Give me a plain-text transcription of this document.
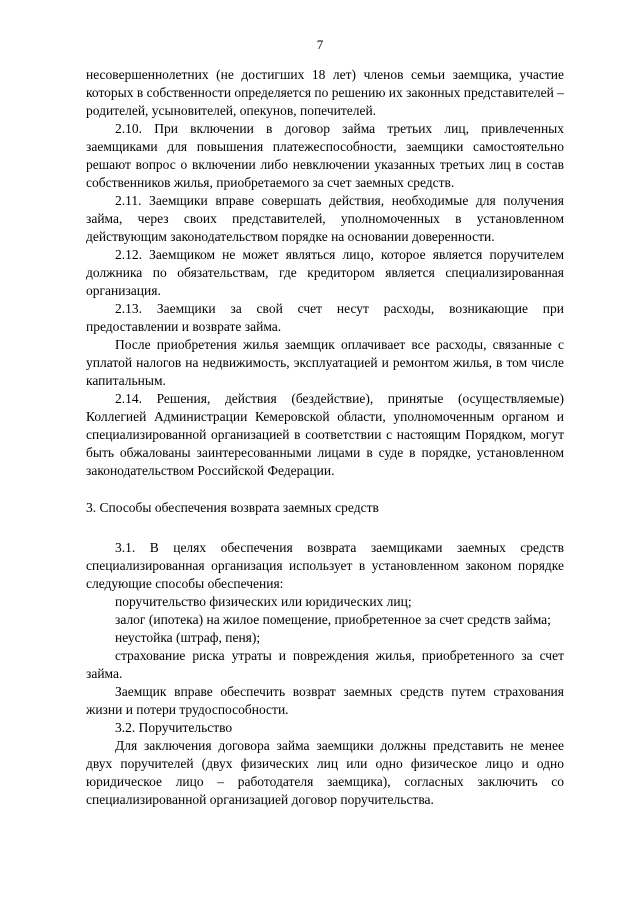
7

несовершеннолетних (не достигших 18 лет) членов семьи заемщика, участие которых в собственности определяется по решению их законных представителей – родителей, усыновителей, опекунов, попечителей.

2.10. При включении в договор займа третьих лиц, привлеченных заемщиками для повышения платежеспособности, заемщики самостоятельно решают вопрос о включении либо невключении указанных третьих лиц в состав собственников жилья, приобретаемого за счет заемных средств.

2.11. Заемщики вправе совершать действия, необходимые для получения займа, через своих представителей, уполномоченных в установленном действующим законодательством порядке на основании доверенности.

2.12. Заемщиком не может являться лицо, которое является поручителем должника по обязательствам, где кредитором является специализированная организация.

2.13. Заемщики за свой счет несут расходы, возникающие при предоставлении и возврате займа.

После приобретения жилья заемщик оплачивает все расходы, связанные с уплатой налогов на недвижимость, эксплуатацией и ремонтом жилья, в том числе капитальным.

2.14. Решения, действия (бездействие), принятые (осуществляемые) Коллегией Администрации Кемеровской области, уполномоченным органом и специализированной организацией в соответствии с настоящим Порядком, могут быть обжалованы заинтересованными лицами в суде в порядке, установленном законодательством Российской Федерации.

3. Способы обеспечения возврата заемных средств

3.1. В целях обеспечения возврата заемщиками заемных средств специализированная организация использует в установленном законом порядке следующие способы обеспечения:

поручительство физических или юридических лиц;

залог (ипотека) на жилое помещение, приобретенное за счет средств займа;

неустойка (штраф, пеня);

страхование риска утраты и повреждения жилья, приобретенного за счет займа.

Заемщик вправе обеспечить возврат заемных средств путем страхования жизни и потери трудоспособности.

3.2. Поручительство

Для заключения договора займа заемщики должны представить не менее двух поручителей (двух физических лиц или одно физическое лицо и одно юридическое лицо – работодателя заемщика), согласных заключить со специализированной организацией договор поручительства.
